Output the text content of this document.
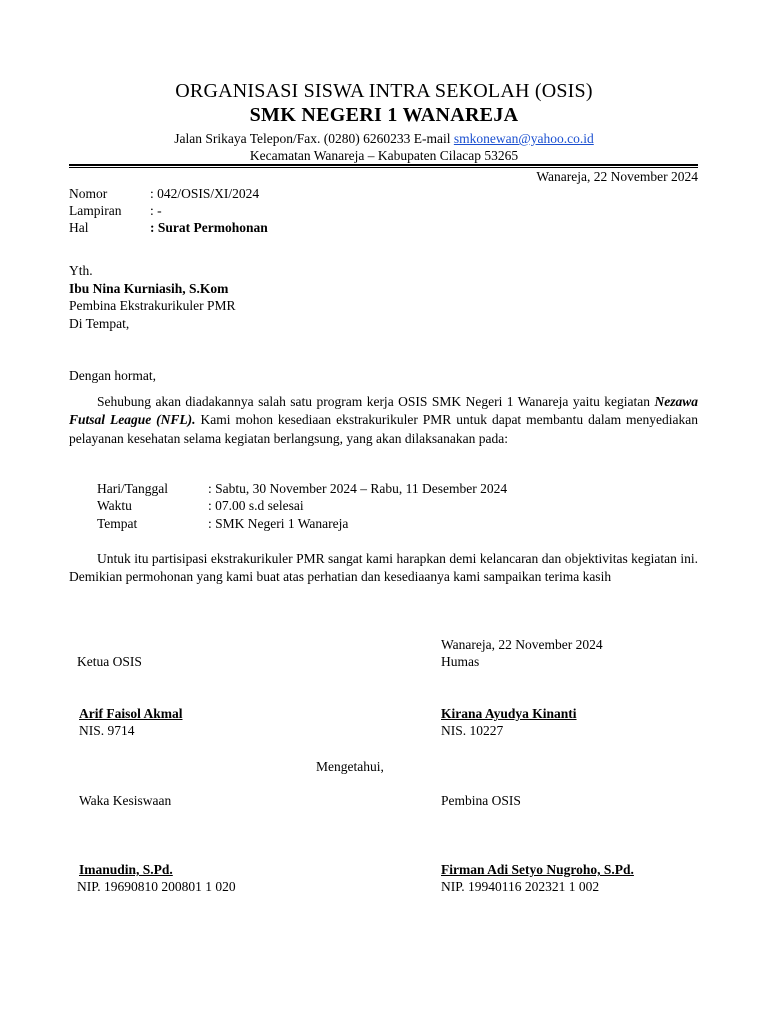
ORGANISASI SISWA INTRA SEKOLAH (OSIS)
SMK NEGERI 1 WANAREJA
Jalan Srikaya Telepon/Fax. (0280) 6260233 E-mail smkonewan@yahoo.co.id
Kecamatan Wanareja – Kabupaten Cilacap 53265
Wanareja, 22 November 2024
Nomor	: 042/OSIS/XI/2024
Lampiran : -
Hal	: Surat Permohonan
Yth.
Ibu Nina Kurniasih, S.Kom
Pembina Ekstrakurikuler PMR
Di Tempat,
Dengan hormat,
Sehubung akan diadakannya salah satu program kerja OSIS SMK Negeri 1 Wanareja yaitu kegiatan Nezawa Futsal League (NFL). Kami mohon kesediaan ekstrakurikuler PMR untuk dapat membantu dalam menyediakan pelayanan kesehatan selama kegiatan berlangsung, yang akan dilaksanakan pada:
Hari/Tanggal	: Sabtu, 30 November 2024 – Rabu, 11 Desember 2024
Waktu	: 07.00 s.d selesai
Tempat	: SMK Negeri 1 Wanareja
Untuk itu partisipasi ekstrakurikuler PMR sangat kami harapkan demi kelancaran dan objektivitas kegiatan ini. Demikian permohonan yang kami buat atas perhatian dan kesediaanya kami sampaikan terima kasih
Wanareja, 22 November 2024
Ketua OSIS	Humas
Arif Faisol Akmal
NIS. 9714
Kirana Ayudya Kinanti
NIS. 10227
Mengetahui,
Waka Kesiswaan	Pembina OSIS
Imanudin, S.Pd.
NIP. 19690810 200801 1 020
Firman Adi Setyo Nugroho, S.Pd.
NIP. 19940116 202321 1 002
